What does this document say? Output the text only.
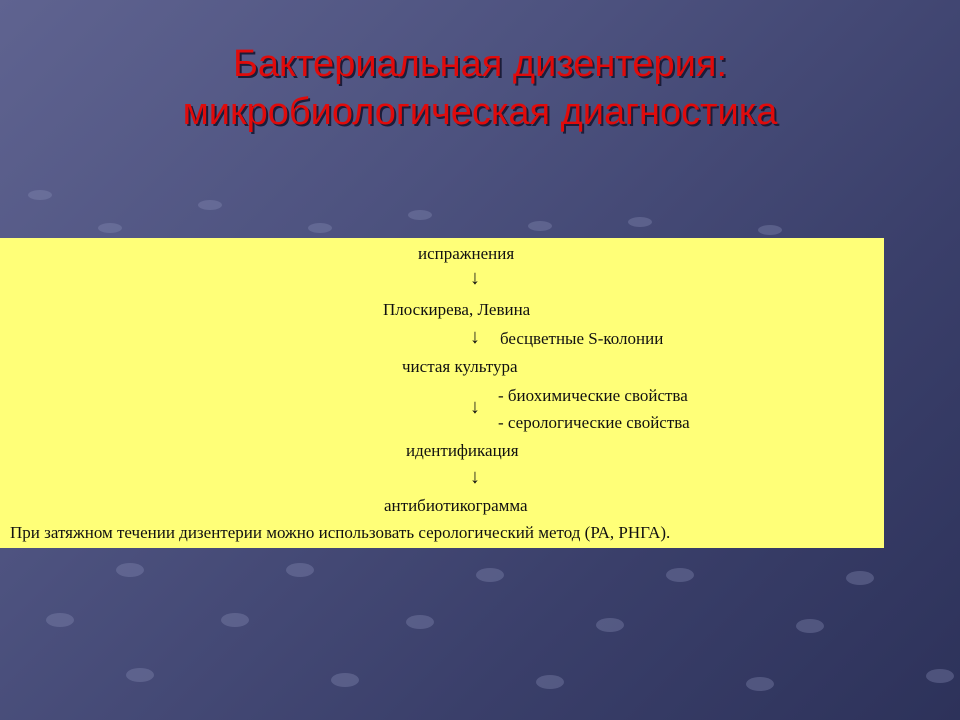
Бактериальная дизентерия:
микробиологическая диагностика
испражнения
↓
Плоскирева, Левина
↓ бесцветные S-колонии
чистая культура
- биохимические свойства
↓
- серологические свойства
идентификация
↓
антибиотикограмма
При затяжном течении дизентерии можно использовать серологический метод (РА, РНГА).
